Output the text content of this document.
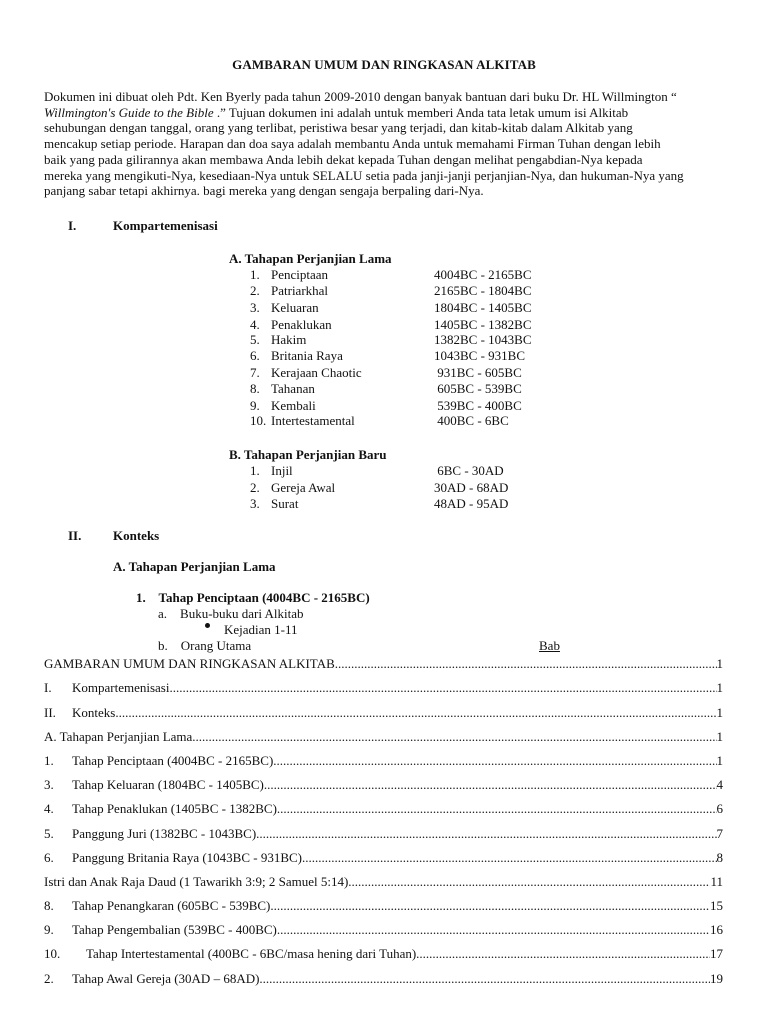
GAMBARAN UMUM DAN RINGKASAN ALKITAB
Dokumen ini dibuat oleh Pdt. Ken Byerly pada tahun 2009-2010 dengan banyak bantuan dari buku Dr. HL Willmington “
Willmington's Guide to the Bible .” Tujuan dokumen ini adalah untuk memberi Anda tata letak umum isi Alkitab
sehubungan dengan tanggal, orang yang terlibat, peristiwa besar yang terjadi, dan kitab-kitab dalam Alkitab yang
mencakup setiap periode. Harapan dan doa saya adalah membantu Anda untuk memahami Firman Tuhan dengan lebih
baik yang pada gilirannya akan membawa Anda lebih dekat kepada Tuhan dengan melihat pengabdian-Nya kepada
mereka yang mengikuti-Nya, kesediaan-Nya untuk SELALU setia pada janji-janji perjanjian-Nya, dan hukuman-Nya yang
panjang sabar tetapi akhirnya. bagi mereka yang dengan sengaja berpaling dari-Nya.
I.	Kompartemenisasi
A. Tahapan Perjanjian Lama
1. Penciptaan	4004BC - 2165BC
2. Patriarkhal	2165BC - 1804BC
3. Keluaran	1804BC - 1405BC
4. Penaklukan	1405BC - 1382BC
5. Hakim	1382BC - 1043BC
6. Britania Raya	1043BC - 931BC
7. Kerajaan Chaotic	931BC - 605BC
8. Tahanan	605BC - 539BC
9. Kembali	539BC - 400BC
10. Intertestamental	400BC - 6BC
B. Tahapan Perjanjian Baru
1. Injil	6BC - 30AD
2. Gereja Awal	30AD - 68AD
3. Surat	48AD - 95AD
II. Konteks
A. Tahapan Perjanjian Lama
1.    Tahap Penciptaan (4004BC - 2165BC)
a.    Buku-buku dari Alkitab
Kejadian 1-11
b.    Orang Utama	Bab
GAMBARAN UMUM DAN RINGKASAN ALKITAB .....	1
I. Kompartemenisasi .....	1
II. Konteks .....	1
A. Tahapan Perjanjian Lama .....	1
1. Tahap Penciptaan (4004BC - 2165BC) .....	1
3. Tahap Keluaran (1804BC - 1405BC) .....	4
4. Tahap Penaklukan (1405BC - 1382BC) .....	6
5. Panggung Juri (1382BC - 1043BC) .....	7
6. Panggung Britania Raya (1043BC - 931BC) .....	8
Istri dan Anak Raja Daud (1 Tawarikh 3:9; 2 Samuel 5:14) .....	11
8. Tahap Penangkaran (605BC - 539BC) .....	15
9. Tahap Pengembalian (539BC - 400BC) .....	16
10. Tahap Intertestamental (400BC - 6BC/masa hening dari Tuhan) .....	17
2. Tahap Awal Gereja (30AD – 68AD) .....	19
